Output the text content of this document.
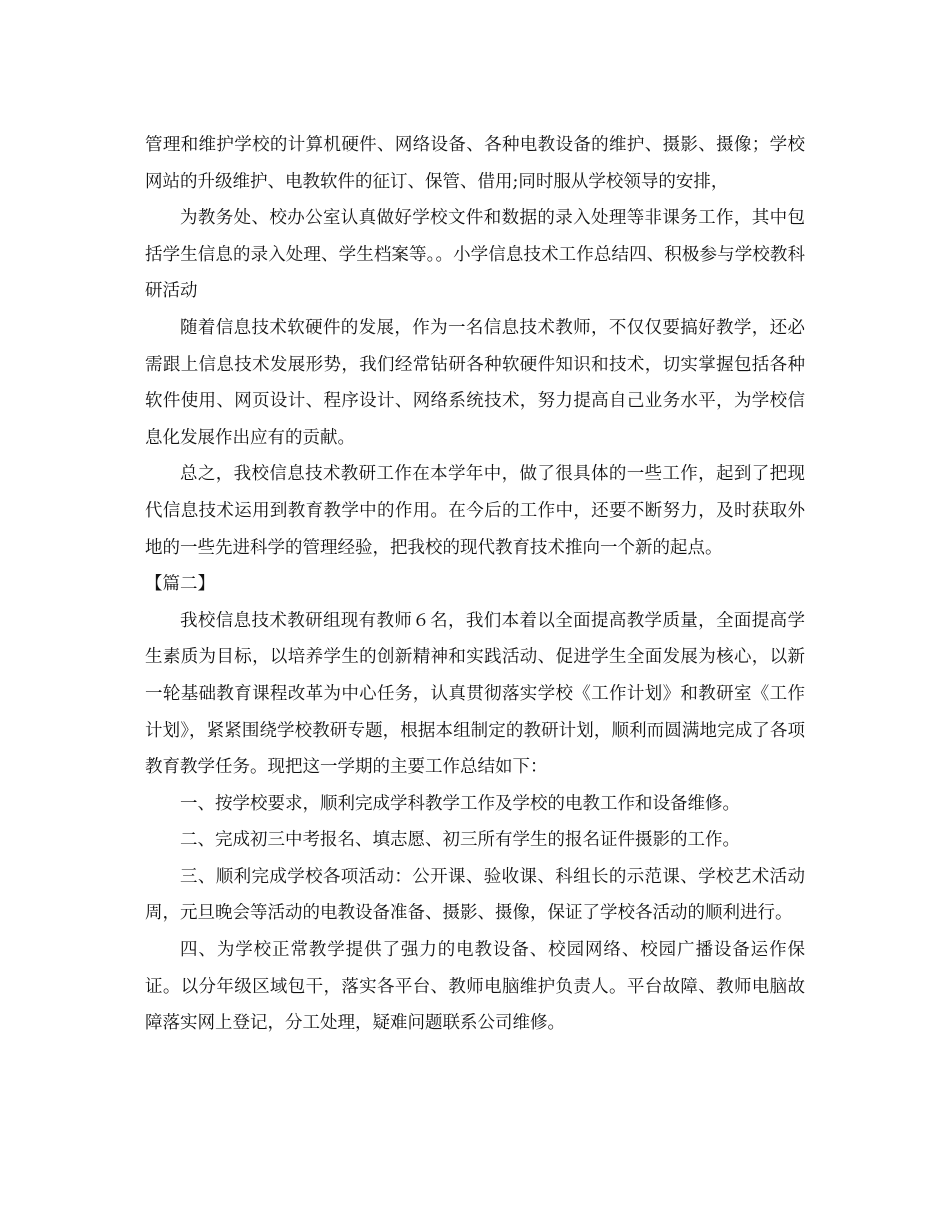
管理和维护学校的计算机硬件、网络设备、各种电教设备的维护、摄影、摄像；学校网站的升级维护、电教软件的征订、保管、借用;同时服从学校领导的安排，

为教务处、校办公室认真做好学校文件和数据的录入处理等非课务工作，其中包括学生信息的录入处理、学生档案等。。小学信息技术工作总结四、积极参与学校教科研活动

随着信息技术软硬件的发展，作为一名信息技术教师，不仅仅要搞好教学，还必需跟上信息技术发展形势，我们经常钻研各种软硬件知识和技术，切实掌握包括各种软件使用、网页设计、程序设计、网络系统技术，努力提高自己业务水平，为学校信息化发展作出应有的贡献。

总之，我校信息技术教研工作在本学年中，做了很具体的一些工作，起到了把现代信息技术运用到教育教学中的作用。在今后的工作中，还要不断努力，及时获取外地的一些先进科学的管理经验，把我校的现代教育技术推向一个新的起点。

【篇二】

我校信息技术教研组现有教师６名，我们本着以全面提高教学质量，全面提高学生素质为目标，以培养学生的创新精神和实践活动、促进学生全面发展为核心，以新一轮基础教育课程改革为中心任务，认真贯彻落实学校《工作计划》和教研室《工作计划》，紧紧围绕学校教研专题，根据本组制定的教研计划，顺利而圆满地完成了各项教育教学任务。现把这一学期的主要工作总结如下：

一、按学校要求，顺利完成学科教学工作及学校的电教工作和设备维修。

二、完成初三中考报名、填志愿、初三所有学生的报名证件摄影的工作。

三、顺利完成学校各项活动：公开课、验收课、科组长的示范课、学校艺术活动周，元旦晚会等活动的电教设备准备、摄影、摄像，保证了学校各活动的顺利进行。

四、为学校正常教学提供了强力的电教设备、校园网络、校园广播设备运作保证。以分年级区域包干，落实各平台、教师电脑维护负责人。平台故障、教师电脑故障落实网上登记，分工处理，疑难问题联系公司维修。
